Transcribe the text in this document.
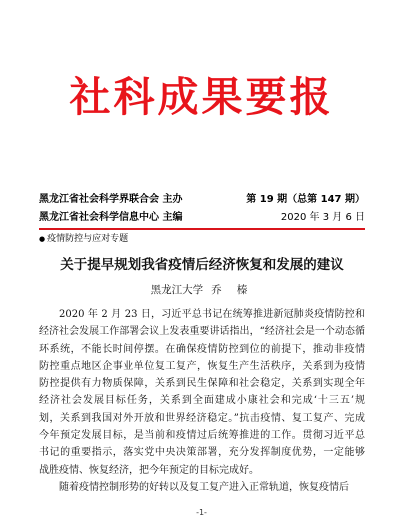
社科成果要报
黑龙江省社会科学界联合会 主办	第 19 期（总第 147 期）
黑龙江省社会科学信息中心 主编	2020 年 3 月 6 日
● 疫情防控与应对专题
关于提早规划我省疫情后经济恢复和发展的建议
黑龙江大学 乔 榛
2020 年 2 月 23 日，习近平总书记在统筹推进新冠肺炎疫情防控和
经济社会发展工作部署会议上发表重要讲话指出，“经济社会是一个动态循
环系统，不能长时间停摆。在确保疫情防控到位的前提下，推动非疫情
防控重点地区企事业单位复工复产，恢复生产生活秩序，关系到为疫情
防控提供有力物质保障，关系到民生保障和社会稳定，关系到实现全年
经济社会发展目标任务，关系到全面建成小康社会和完成‘十三五’规
划，关系到我国对外开放和世界经济稳定。”抗击疫情、复工复产、完成
今年预定发展目标，是当前和疫情过后统筹推进的工作。贯彻习近平总
书记的重要指示，落实党中央决策部署，充分发挥制度优势，一定能够
战胜疫情、恢复经济，把今年预定的目标完成好。
随着疫情控制形势的好转以及复工复产进入正常轨道，恢复疫情后
-1-
